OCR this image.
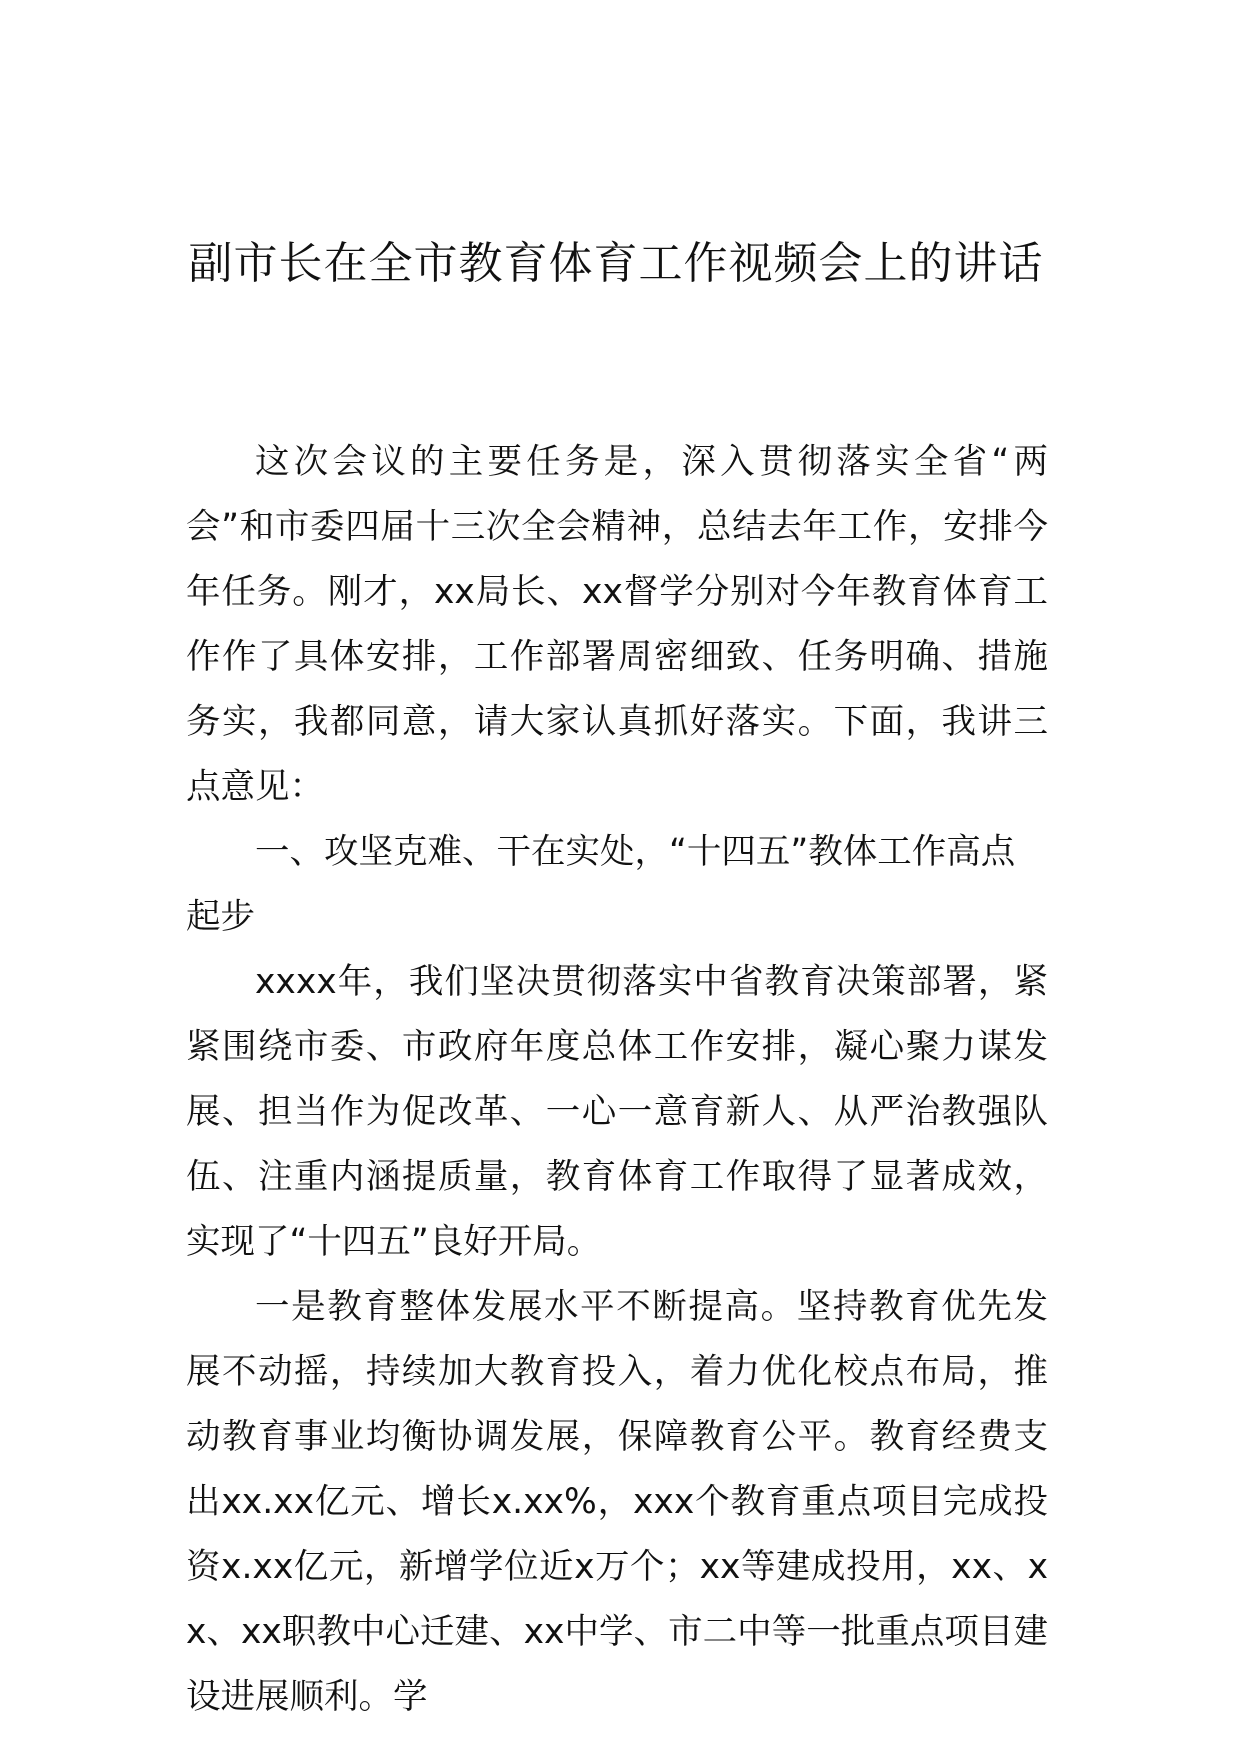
副市长在全市教育体育工作视频会上的讲话

这次会议的主要任务是，深入贯彻落实全省“两会”和市委四届十三次全会精神，总结去年工作，安排今年任务。刚才，xx局长、xx督学分别对今年教育体育工作作了具体安排，工作部署周密细致、任务明确、措施务实，我都同意，请大家认真抓好落实。下面，我讲三点意见：

一、攻坚克难、干在实处，“十四五”教体工作高点起步

xxxx年，我们坚决贯彻落实中省教育决策部署，紧紧围绕市委、市政府年度总体工作安排，凝心聚力谋发展、担当作为促改革、一心一意育新人、从严治教强队伍、注重内涵提质量，教育体育工作取得了显著成效，实现了“十四五”良好开局。

一是教育整体发展水平不断提高。坚持教育优先发展不动摇，持续加大教育投入，着力优化校点布局，推动教育事业均衡协调发展，保障教育公平。教育经费支出xx.xx亿元、增长x.xx%，xxx个教育重点项目完成投资x.xx亿元，新增学位近x万个；xx等建成投用，xx、xx、xx职教中心迁建、xx中学、市二中等一批重点项目建设进展顺利。学
